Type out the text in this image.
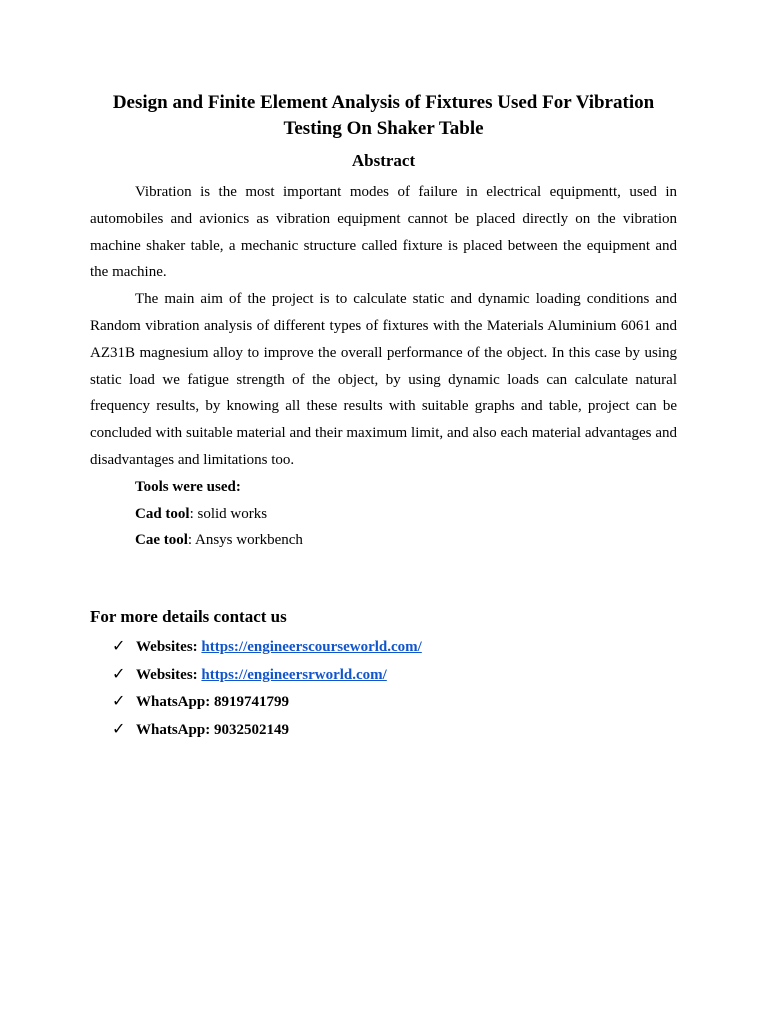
Design and Finite Element Analysis of Fixtures Used For Vibration Testing On Shaker Table
Abstract

Vibration is the most important modes of failure in electrical equipmentt, used in automobiles and avionics as vibration equipment cannot be placed directly on the vibration machine shaker table, a mechanic structure called fixture is placed between the equipment and the machine.

The main aim of the project is to calculate static and dynamic loading conditions and Random vibration analysis of different types of fixtures with the Materials Aluminium 6061 and AZ31B magnesium alloy to improve the overall performance of the object. In this case by using static load we fatigue strength of the object, by using dynamic loads can calculate natural frequency results, by knowing all these results with suitable graphs and table, project can be concluded with suitable material and their maximum limit, and also each material advantages and disadvantages and limitations too.

Tools were used:
Cad tool: solid works
Cae tool: Ansys workbench
For more details contact us
✓ Websites: https://engineerscourseworld.com/
✓ Websites: https://engineersrworld.com/
✓ WhatsApp: 8919741799
✓ WhatsApp: 9032502149
